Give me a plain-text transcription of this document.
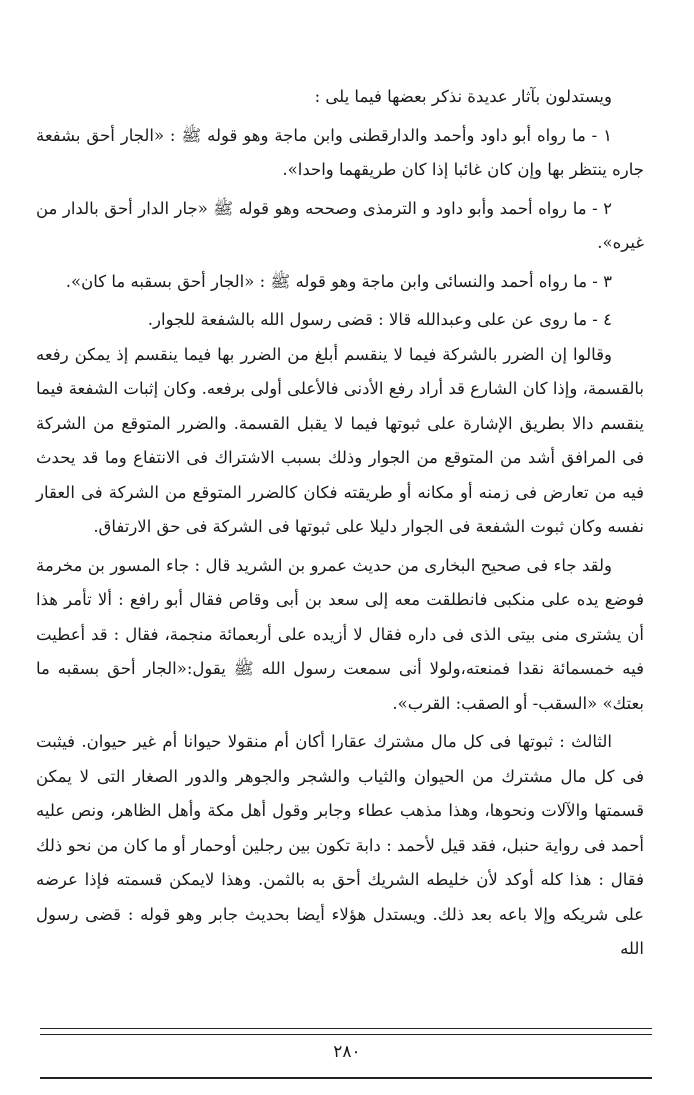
ويستدلون بآثار عديدة نذكر بعضها فيما يلى :

١ - ما رواه أبو داود وأحمد والدارقطنى وابن ماجة وهو قوله ﷺ : «الجار أحق بشفعة جاره ينتظر بها وإن كان غائبا إذا كان طريقهما واحدا».

٢ - ما رواه أحمد وأبو داود و الترمذى وصححه وهو قوله ﷺ «جار الدار أحق بالدار من غيره».

٣ - ما رواه أحمد والنسائى وابن ماجة وهو قوله ﷺ : «الجار أحق بسقبه ما كان».

٤ - ما روى عن على وعبدالله قالا : قضى رسول الله بالشفعة للجوار.

وقالوا إن الضرر بالشركة فيما لا ينقسم أبلغ من الضرر بها فيما ينقسم إذ يمكن رفعه بالقسمة، وإذا كان الشارع قد أراد رفع الأدنى فالأعلى أولى برفعه. وكان إثبات الشفعة فيما ينقسم دالا بطريق الإشارة على ثبوتها فيما لا يقبل القسمة. والضرر المتوقع من الشركة فى المرافق أشد من المتوقع من الجوار وذلك بسبب الاشتراك فى الانتفاع وما قد يحدث فيه من تعارض فى زمنه أو مكانه أو طريقته فكان كالضرر المتوقع من الشركة فى العقار نفسه وكان ثبوت الشفعة فى الجوار دليلا على ثبوتها فى الشركة فى حق الارتفاق.

ولقد جاء فى صحيح البخارى من حديث عمرو بن الشريد قال : جاء المسور بن مخرمة فوضع يده على منكبى فانطلقت معه إلى سعد بن أبى وقاص فقال أبو رافع : ألا تأمر هذا أن يشترى منى بيتى الذى فى داره فقال لا أزيده على أربعمائة منجمة، فقال : قد أعطيت فيه خمسمائة نقدا فمنعته،ولولا أنى سمعت رسول الله ﷺ يقول:«الجار أحق بسقبه ما بعتك» «السقب- أو الصقب: القرب».

الثالث : ثبوتها فى كل مال مشترك عقارا أكان أم منقولا حيوانا أم غير حيوان. فيثبت فى كل مال مشترك من الحيوان والثياب والشجر والجوهر والدور الصغار التى لا يمكن قسمتها والآلات ونحوها، وهذا مذهب عطاء وجابر وقول أهل مكة وأهل الظاهر، ونص عليه أحمد فى رواية حنبل، فقد قيل لأحمد : دابة تكون بين رجلين أوحمار أو ما كان من نحو ذلك فقال : هذا كله أوكد لأن خليطه الشريك أحق به بالثمن. وهذا لايمكن قسمته فإذا عرضه على شريكه وإلا باعه بعد ذلك. ويستدل هؤلاء أيضا بحديث جابر وهو قوله : قضى رسول الله

٢٨٠
